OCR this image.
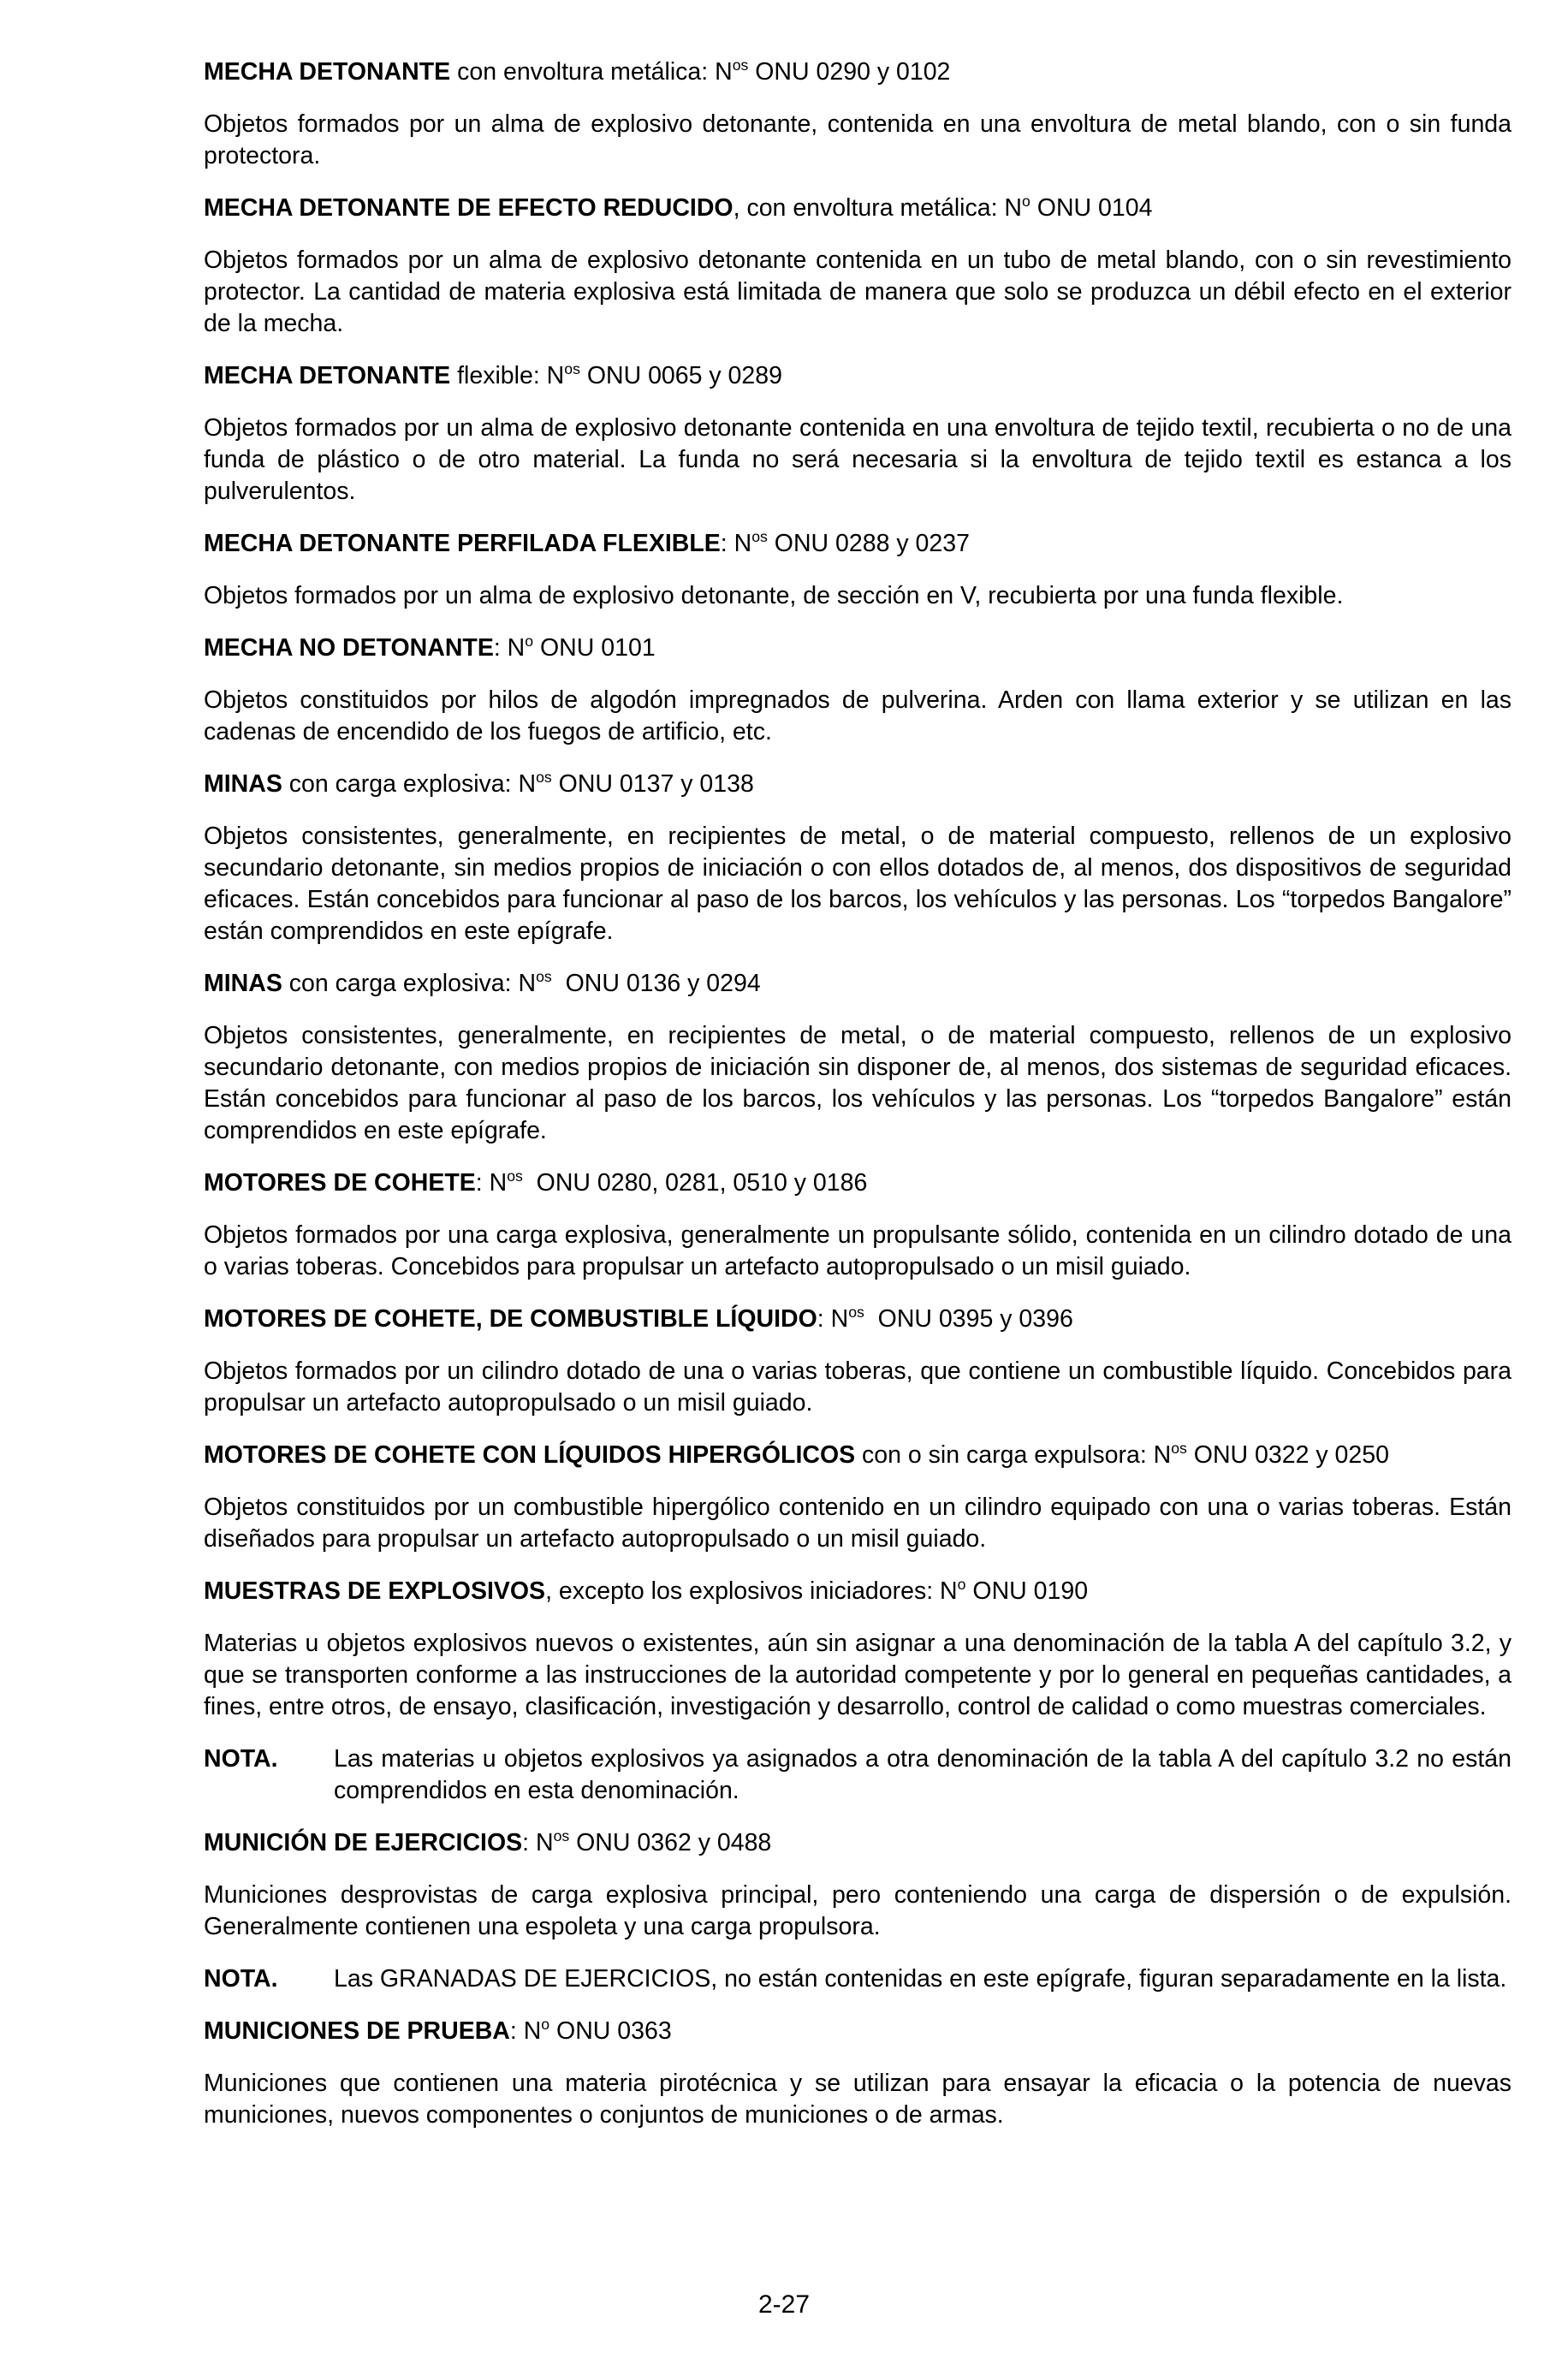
MECHA DETONANTE con envoltura metálica: $N^{os}$ ONU 0290 y 0102

Objetos formados por un alma de explosivo detonante, contenida en una envoltura de metal blando, con o sin funda protectora.

MECHA DETONANTE DE EFECTO REDUCIDO, con envoltura metálica: $N^o$ ONU 0104

Objetos formados por un alma de explosivo detonante contenida en un tubo de metal blando, con o sin revestimiento protector. La cantidad de materia explosiva está limitada de manera que solo se produzca un débil efecto en el exterior de la mecha.

MECHA DETONANTE flexible: $N^{os}$ ONU 0065 y 0289

Objetos formados por un alma de explosivo detonante contenida en una envoltura de tejido textil, recubierta o no de una funda de plástico o de otro material. La funda no será necesaria si la envoltura de tejido textil es estanca a los pulverulentos.

MECHA DETONANTE PERFILADA FLEXIBLE: $N^{os}$ ONU 0288 y 0237

Objetos formados por un alma de explosivo detonante, de sección en V, recubierta por una funda flexible.

MECHA NO DETONANTE: $N^o$ ONU 0101

Objetos constituidos por hilos de algodón impregnados de pulverina. Arden con llama exterior y se utilizan en las cadenas de encendido de los fuegos de artificio, etc.

MINAS con carga explosiva: $N^{os}$ ONU 0137 y 0138

Objetos consistentes, generalmente, en recipientes de metal, o de material compuesto, rellenos de un explosivo secundario detonante, sin medios propios de iniciación o con ellos dotados de, al menos, dos dispositivos de seguridad eficaces. Están concebidos para funcionar al paso de los barcos, los vehículos y las personas. Los “torpedos Bangalore” están comprendidos en este epígrafe.

MINAS con carga explosiva: $N^{os}$  ONU 0136 y 0294

Objetos consistentes, generalmente, en recipientes de metal, o de material compuesto, rellenos de un explosivo secundario detonante, con medios propios de iniciación sin disponer de, al menos, dos sistemas de seguridad eficaces. Están concebidos para funcionar al paso de los barcos, los vehículos y las personas. Los “torpedos Bangalore” están comprendidos en este epígrafe.

MOTORES DE COHETE: $N^{os}$  ONU 0280, 0281, 0510 y 0186

Objetos formados por una carga explosiva, generalmente un propulsante sólido, contenida en un cilindro dotado de una o varias toberas. Concebidos para propulsar un artefacto autopropulsado o un misil guiado.

MOTORES DE COHETE, DE COMBUSTIBLE LÍQUIDO: $N^{os}$  ONU 0395 y 0396

Objetos formados por un cilindro dotado de una o varias toberas, que contiene un combustible líquido. Concebidos para propulsar un artefacto autopropulsado o un misil guiado.

MOTORES DE COHETE CON LÍQUIDOS HIPERGÓLICOS con o sin carga expulsora: $N^{os}$ ONU 0322 y 0250

Objetos constituidos por un combustible hipergólico contenido en un cilindro equipado con una o varias toberas. Están diseñados para propulsar un artefacto autopropulsado o un misil guiado.

MUESTRAS DE EXPLOSIVOS, excepto los explosivos iniciadores: $N^o$ ONU 0190

Materias u objetos explosivos nuevos o existentes, aún sin asignar a una denominación de la tabla A del capítulo 3.2, y que se transporten conforme a las instrucciones de la autoridad competente y por lo general en pequeñas cantidades, a fines, entre otros, de ensayo, clasificación, investigación y desarrollo, control de calidad o como muestras comerciales.

NOTA.	Las materias u objetos explosivos ya asignados a otra denominación de la tabla A del capítulo 3.2 no están comprendidos en esta denominación.

MUNICIÓN DE EJERCICIOS: $N^{os}$ ONU 0362 y 0488

Municiones desprovistas de carga explosiva principal, pero conteniendo una carga de dispersión o de expulsión. Generalmente contienen una espoleta y una carga propulsora.

NOTA.	Las GRANADAS DE EJERCICIOS, no están contenidas en este epígrafe, figuran separadamente en la lista.

MUNICIONES DE PRUEBA: $N^o$ ONU 0363

Municiones que contienen una materia pirotécnica y se utilizan para ensayar la eficacia o la potencia de nuevas municiones, nuevos componentes o conjuntos de municiones o de armas.

2-27
